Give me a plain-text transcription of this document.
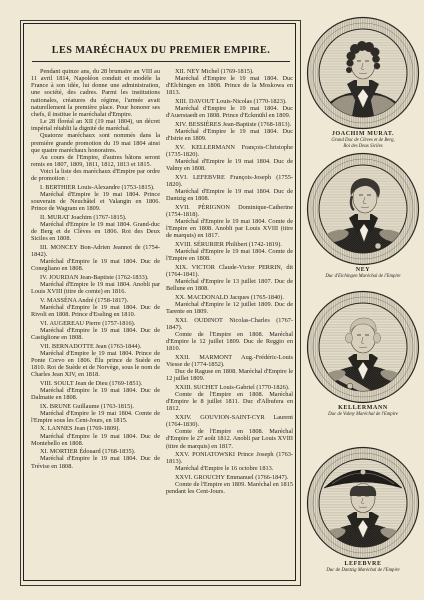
LES MARÉCHAUX DU PREMIER EMPIRE.

Pendant quinze ans, du 28 brumaire an VIII au 11 avril 1814, Napoléon conduit et modèle la France à son idée, lui donne une administration, une société, des cadres. Parmi les institutions nationales, créatures du régime, l'armée avait naturellement la première place. Pour honorer ses chefs, il institue le maréchalat d'Empire.

Le 28 floréal an XII (19 mai 1804), un décret impérial rétablit la dignité de maréchal.

Quatorze maréchaux sont nommés dans la première grande promotion du 19 mai 1804 ainsi que quatre maréchaux honoraires.

Au cours de l'Empire, d'autres bâtons seront remis en 1807, 1809, 1811, 1812, 1813 et 1815.

Voici la liste des maréchaux d'Empire par ordre de promotion :

I. BERTHIER Louis-Alexandre (1753-1815).

Maréchal d'Empire le 19 mai 1804. Prince souverain de Neuchâtel et Valangin en 1806. Prince de Wagram en 1809.

II. MURAT Joachim (1767-1815).

Maréchal d'Empire le 19 mai 1804. Grand-duc de Berg et de Clèves en 1806. Roi des Deux Siciles en 1808.

III. MONCEY Bon-Adrien Jeannot de (1754-1842).

Maréchal d'Empire le 19 mai 1804. Duc de Conegliano en 1808.

IV. JOURDAN Jean-Baptiste (1762-1833).

Maréchal d'Empire le 19 mai 1804. Anobli par Louis XVIII (titre de comte) en 1816.

V. MASSÉNA André (1758-1817).

Maréchal d'Empire le 19 mai 1804. Duc de Rivoli en 1808. Prince d'Essling en 1810.

VI. AUGEREAU Pierre (1757-1816).

Maréchal d'Empire le 19 mai 1804. Duc de Castiglione en 1808.

VII. BERNADOTTE Jean (1763-1844).

Maréchal d'Empire le 19 mai 1804. Prince de Ponte Corvo en 1806. Élu prince de Suède en 1810. Roi de Suède et de Norvège, sous le nom de Charles Jean XIV, en 1818.

VIII. SOULT Jean de Dieu (1769-1851).

Maréchal d'Empire le 19 mai 1804. Duc de Dalmatie en 1808.

IX. BRUNE Guillaume (1763-1815).

Maréchal d'Empire le 19 mai 1804. Comte de l'Empire sous les Cent-Jours, en 1815.

X. LANNES Jean (1769-1809).

Maréchal d'Empire le 19 mai 1804. Duc de Montebello en 1808.

XI. MORTIER Édouard (1768-1835).

Maréchal d'Empire le 19 mai 1804. Duc de Trévise en 1808.

XII. NEY Michel (1769-1815).

Maréchal d'Empire le 19 mai 1804. Duc d'Elchingen en 1808. Prince de la Moskowa en 1813.

XIII. DAVOUT Louis-Nicolas (1770-1823).

Maréchal d'Empire le 19 mai 1804. Duc d'Auerstaedt en 1808. Prince d'Eckmühl en 1809.

XIV. BESSIÈRES Jean-Baptiste (1768-1813).

Maréchal d'Empire le 19 mai 1804. Duc d'Istrie en 1809.

XV. KELLERMANN François-Christophe (1735-1820).

Maréchal d'Empire le 19 mai 1804. Duc de Valmy en 1808.

XVI. LEFEBVRE François-Joseph (1755-1820).

Maréchal d'Empire le 19 mai 1804. Duc de Dantzig en 1808.

XVII. PÉRIGNON Dominique-Catherine (1754-1818).

Maréchal d'Empire le 19 mai 1804. Comte de l'Empire en 1808. Anobli par Louis XVIII (titre de marquis) en 1817.

XVIII. SÉRURIER Philibert (1742-1819).

Maréchal d'Empire le 19 mai 1804. Comte de l'Empire en 1808.

XIX. VICTOR Claude-Victor PERRIN, dit (1764-1841).

Maréchal d'Empire le 13 juillet 1807. Duc de Bellune en 1808.

XX. MACDONALD Jacques (1765-1840).

Maréchal d'Empire le 12 juillet 1809. Duc de Tarente en 1809.

XXI. OUDINOT Nicolas-Charles (1767-1847).

Comte de l'Empire en 1808. Maréchal d'Empire le 12 juillet 1809. Duc de Reggio en 1810.

XXII. MARMONT Aug.-Frédéric-Louis Viesse de (1774-1852).

Duc de Raguse en 1808. Maréchal d'Empire le 12 juillet 1809.

XXIII. SUCHET Louis-Gabriel (1770-1826).

Comte de l'Empire en 1808. Maréchal d'Empire le 8 juillet 1811. Duc d'Albufera en 1812.

XXIV. GOUVION-SAINT-CYR Laurent (1764-1830).

Comte de l'Empire en 1808. Maréchal d'Empire le 27 août 1812. Anobli par Louis XVIII (titre de marquis) en 1817.

XXV. PONIATOWSKI Prince Joseph (1763-1813).

Maréchal d'Empire le 16 octobre 1813.

XXVI. GROUCHY Emmanuel (1766-1847).

Comte de l'Empire en 1809. Maréchal en 1815 pendant les Cent-Jours.

JOACHIM MURAT.
Grand Duc de Clèves et de Berg,
Roi des Deux Siciles
NEY
Duc d'Elchingen Maréchal de l'Empire
KELLERMANN
Duc de Valmy Maréchal de l'Empire
LEFEBVRE
Duc de Dantzig Maréchal de l'Empire
